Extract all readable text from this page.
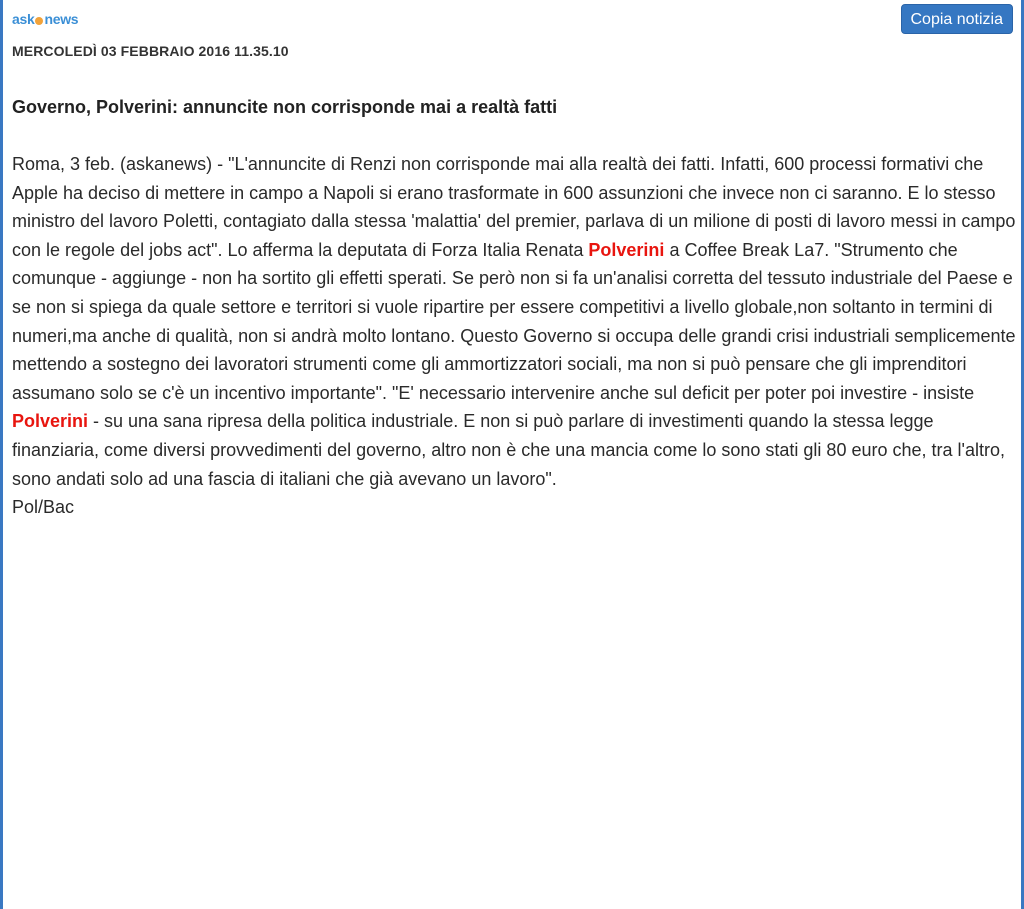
ask news	Copia notizia
MERCOLEDÌ 03 FEBBRAIO 2016 11.35.10
Governo, Polverini: annuncite non corrisponde mai a realtà fatti
Roma, 3 feb. (askanews) - "L'annuncite di Renzi non corrisponde mai alla realtà dei fatti. Infatti, 600 processi formativi che Apple ha deciso di mettere in campo a Napoli si erano trasformate in 600 assunzioni che invece non ci saranno. E lo stesso ministro del lavoro Poletti, contagiato dalla stessa 'malattia' del premier, parlava di un milione di posti di lavoro messi in campo con le regole del jobs act". Lo afferma la deputata di Forza Italia Renata Polverini a Coffee Break La7. "Strumento che comunque - aggiunge - non ha sortito gli effetti sperati. Se però non si fa un'analisi corretta del tessuto industriale del Paese e se non si spiega da quale settore e territori si vuole ripartire per essere competitivi a livello globale,non soltanto in termini di numeri,ma anche di qualità, non si andrà molto lontano. Questo Governo si occupa delle grandi crisi industriali semplicemente mettendo a sostegno dei lavoratori strumenti come gli ammortizzatori sociali, ma non si può pensare che gli imprenditori assumano solo se c'è un incentivo importante". "E' necessario intervenire anche sul deficit per poter poi investire - insiste Polverini - su una sana ripresa della politica industriale. E non si può parlare di investimenti quando la stessa legge finanziaria, come diversi provvedimenti del governo, altro non è che una mancia come lo sono stati gli 80 euro che, tra l'altro, sono andati solo ad una fascia di italiani che già avevano un lavoro".
Pol/Bac
